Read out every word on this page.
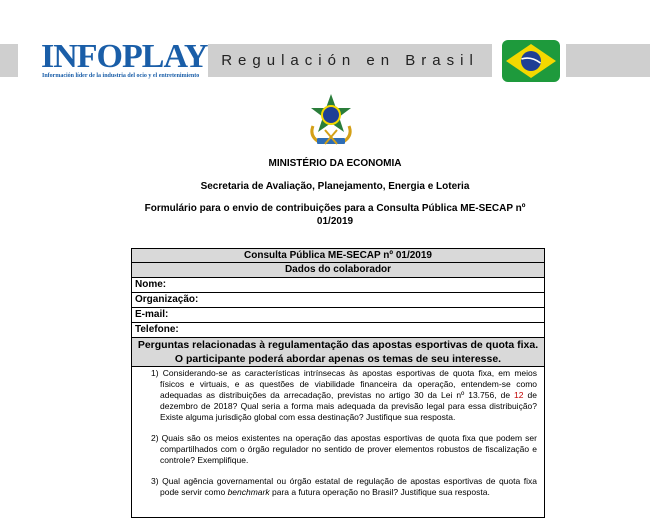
INFOPLAY
Información líder de la industria del ocio y el entretenimiento
Regulación en Brasil
MINISTÉRIO DA ECONOMIA
Secretaria de Avaliação, Planejamento, Energia e Loteria
Formulário para o envio de contribuições para a Consulta Pública ME-SECAP nº
01/2019
Consulta Pública ME-SECAP nº 01/2019
Dados do colaborador
Nome:
Organização:
E-mail:
Telefone:

Perguntas relacionadas à regulamentação das apostas esportivas de quota fixa.
O participante poderá abordar apenas os temas de seu interesse.

1) Considerando-se as características intrínsecas às apostas esportivas de quota fixa, em meios físicos e virtuais, e as questões de viabilidade financeira da operação, entendem-se como adequadas as distribuições da arrecadação, previstas no artigo 30 da Lei nº 13.756, de 12 de dezembro de 2018? Qual seria a forma mais adequada da previsão legal para essa distribuição? Existe alguma jurisdição global com essa destinação? Justifique sua resposta.
2) Quais são os meios existentes na operação das apostas esportivas de quota fixa que podem ser compartilhados com o órgão regulador no sentido de prover elementos robustos de fiscalização e controle? Exemplifique.
3) Qual agência governamental ou órgão estatal de regulação de apostas esportivas de quota fixa pode servir como benchmark para a futura operação no Brasil? Justifique sua resposta.
